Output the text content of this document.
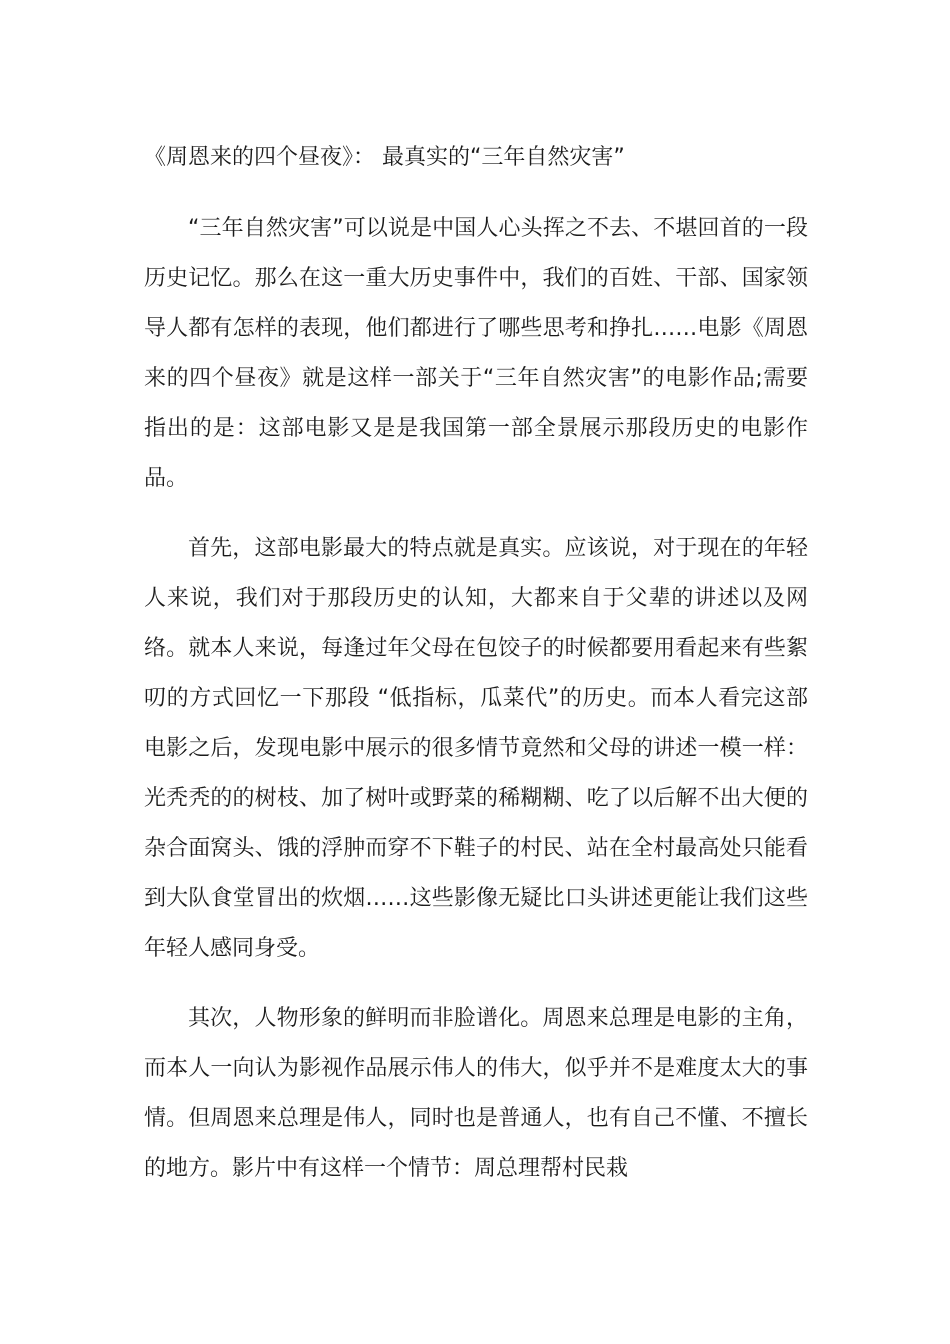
《周恩来的四个昼夜》： 最真实的“三年自然灾害”

“三年自然灾害”可以说是中国人心头挥之不去、不堪回首的一段历史记忆。那么在这一重大历史事件中，我们的百姓、干部、国家领导人都有怎样的表现，他们都进行了哪些思考和挣扎……电影《周恩来的四个昼夜》就是这样一部关于“三年自然灾害”的电影作品;需要指出的是：这部电影又是是我国第一部全景展示那段历史的电影作品。

首先，这部电影最大的特点就是真实。应该说，对于现在的年轻人来说，我们对于那段历史的认知，大都来自于父辈的讲述以及网络。就本人来说，每逢过年父母在包饺子的时候都要用看起来有些絮叨的方式回忆一下那段 “低指标，瓜菜代”的历史。而本人看完这部电影之后，发现电影中展示的很多情节竟然和父母的讲述一模一样：光秃秃的的树枝、加了树叶或野菜的稀糊糊、吃了以后解不出大便的杂合面窝头、饿的浮肿而穿不下鞋子的村民、站在全村最高处只能看到大队食堂冒出的炊烟……这些影像无疑比口头讲述更能让我们这些年轻人感同身受。

其次，人物形象的鲜明而非脸谱化。周恩来总理是电影的主角，而本人一向认为影视作品展示伟人的伟大，似乎并不是难度太大的事情。但周恩来总理是伟人，同时也是普通人，也有自己不懂、不擅长的地方。影片中有这样一个情节：周总理帮村民栽
